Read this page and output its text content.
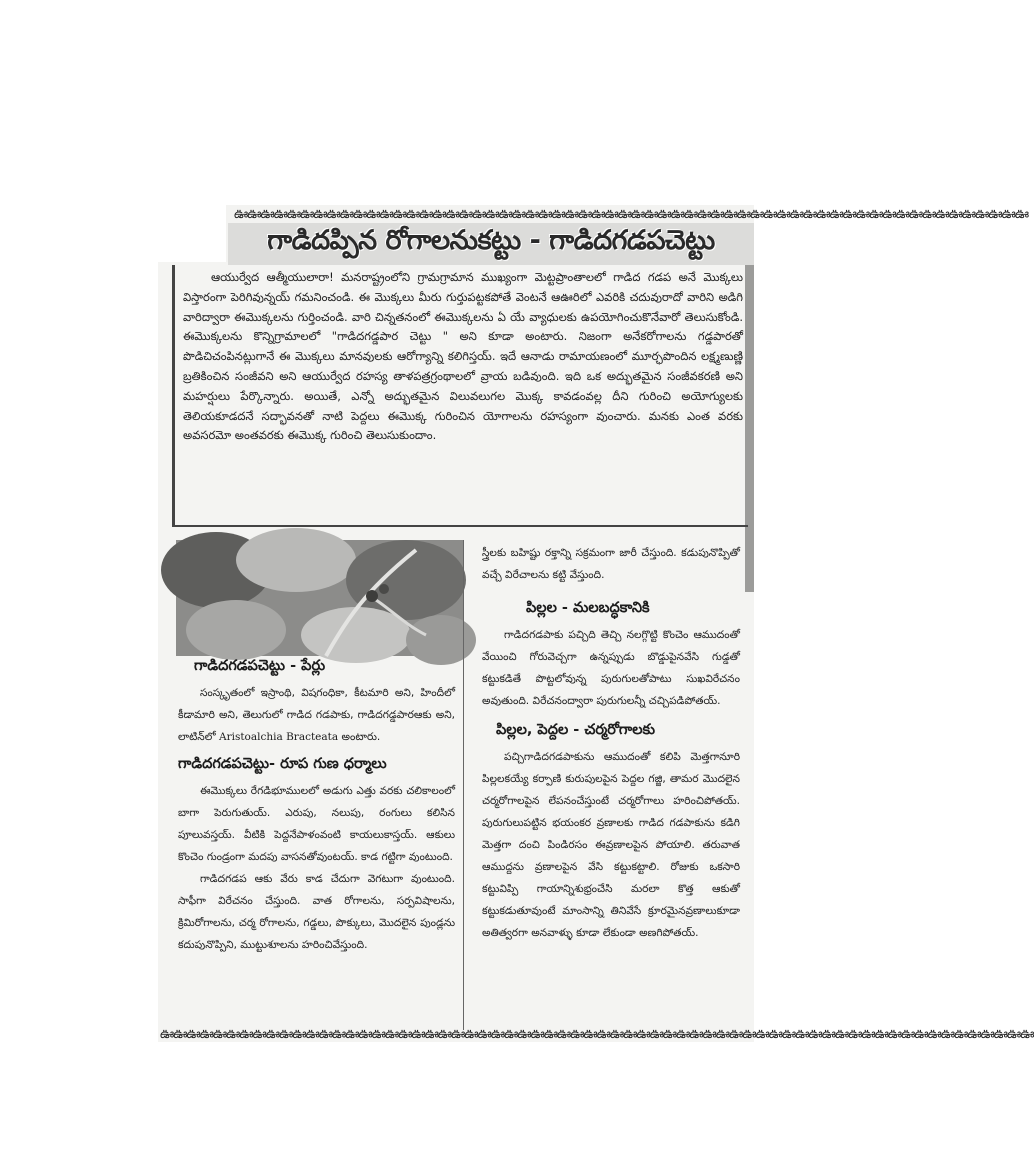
ఊఊఊఊఊఊఊఊఊఊఊఊఊఊఊఊఊఊఊఊఊఊఊఊఊఊఊఊఊఊఊఊఊఊఊఊఊఊఊఊఊఊఊఊఊఊఊఊఊఊఊఊఊఊఊఊఊఊఊఊ
గాడిదప్పిన రోగాలనుకట్టు - గాడిదగడపచెట్టు

ఆయుర్వేద ఆత్మీయులారా! మనరాష్ట్రంలోని గ్రామగ్రామాన ముఖ్యంగా మెట్టప్రాంతాలలో గాడిద గడప అనే మొక్కలు విస్తారంగా పెరిగివున్నయ్ గమనించండి. ఈ మొక్కలు మీరు గుర్తుపట్టకపోతే వెంటనే ఆఊరిలో ఎవరికి చదువురాదో వారిని అడిగి వారిద్వారా ఈమొక్కలను గుర్తించండి. వారి చిన్నతనంలో ఈమొక్కలను ఏ యే వ్యాధులకు ఉపయోగించుకొనేవారో తెలుసుకోండి. ఈమొక్కలను కొన్నిగ్రామాలలో "గాడిదగడ్డపార చెట్టు " అని కూడా అంటారు. నిజంగా అనేకరోగాలను గడ్డపారతో పొడిచిచంపినట్లుగానే ఈ మొక్కలు మానవులకు ఆరోగ్యాన్ని కలిగిస్తయ్. ఇదే ఆనాడు రామాయణంలో మూర్ఛపొందిన లక్ష్మణుణ్ణి బ్రతికించిన సంజీవని అని ఆయుర్వేద రహస్య తాళపత్రగ్రంథాలలో వ్రాయ బడివుంది. ఇది ఒక అద్భుతమైన సంజీవకరణి అని మహర్షులు పేర్కొన్నారు. అయితే, ఎన్నో అద్భుతమైన విలువలుగల మొక్క కావడంవల్ల దీని గురించి అయోగ్యులకు తెలియకూడదనే సద్భావనతో నాటి పెద్దలు ఈమొక్క గురించిన యోగాలను రహస్యంగా వుంచారు. మనకు ఎంత వరకు అవసరమో అంతవరకు ఈమొక్క గురించి తెలుసుకుందాం.

గాడిదగడపచెట్టు - పేర్లు

సంస్కృతంలో ఇస్రాంథి, విషగంధికా, కీటమారి అని, హిందీలో కీడామారి అని, తెలుగులో గాడిద గడపాకు, గాడిదగడ్డపారఆకు అని, లాటిన్‌లో Aristoalchia Bracteata అంటారు.

గాడిదగడపచెట్టు- రూప గుణ ధర్మాలు

ఈమొక్కలు రేగడిభూములలో అడుగు ఎత్తు వరకు చలికాలంలో బాగా పెరుగుతుయ్. ఎరుపు, నలుపు, రంగులు కలిసిన పూలువస్తయ్. వీటికి పెద్దనేపాళంవంటి కాయలుకాస్తయ్. ఆకులు కొంచెం గుండ్రంగా మదపు వాసనతోవుంటయ్. కాడ గట్టిగా వుంటుంది.

గాడిదగడప ఆకు వేరు కాడ చేదుగా వెగటుగా వుంటుంది. సాఫీగా విరేచనం చేస్తుంది. వాత రోగాలను, సర్పవిషాలను, క్రిమిరోగాలను, చర్మ రోగాలను, గడ్డలు, పొక్కులు, మొదలైన పుండ్లను కదుపునొప్పిని, ముట్టుశూలను హరించివేస్తుంది.

స్త్రీలకు బహిష్టు రక్తాన్ని సక్రమంగా జారీ చేస్తుంది. కడుపునొప్పితో వచ్చే విరేచాలను కట్టి వేస్తుంది.

పిల్లల - మలబద్ధకానికి

గాడిదగడపాకు పచ్చిది తెచ్చి నలగ్గొట్టి కొంచెం ఆముదంతో వేయించి గోరువెచ్చగా ఉన్నప్పుడు బొడ్డుపైనవేసి గుడ్డతో కట్టుకడితే పొట్టలోవున్న పురుగులతోపాటు సుఖవిరేచనం అవుతుంది. విరేచనంద్వారా పురుగులన్నీ చచ్చిపడిపోతయ్.

పిల్లల, పెద్దల - చర్మరోగాలకు

పచ్చిగాడిదగడపాకును ఆముదంతో కలిపి మెత్తగానూరి పిల్లలకయ్యే కర్పాణి కురుపులపైన పెద్దల గజ్జి, తామర మొదలైన చర్మరోగాలపైన లేపనంచేస్తుంటే చర్మరోగాలు హరించిపోతయ్. పురుగులుపట్టిన భయంకర వ్రణాలకు గాడిద గడపాకును కడిగి మెత్తగా దంచి పిండిరసం ఈవ్రణాలపైన పోయాలి. తరువాత ఆముద్దను వ్రణాలపైన వేసి కట్టుకట్టాలి. రోజుకు ఒకసారి కట్టువిప్పి గాయాన్నిశుభ్రంచేసి మరలా కొత్త ఆకుతో కట్టుకడుతూవుంటే మాంసాన్ని తినివేసే క్రూరమైనవ్రణాలుకూడా అతిత్వరగా అనవాళ్ళు కూడా లేకుండా అణగిపోతయ్.

ఊఊఊఊఊఊఊఊఊఊఊఊఊఊఊఊఊఊఊఊఊఊఊఊఊఊఊఊఊఊఊఊఊఊఊఊఊఊఊఊఊఊఊఊఊఊఊఊఊఊఊఊఊఊఊఊఊఊఊఊఊఊఊఊఊఊ
